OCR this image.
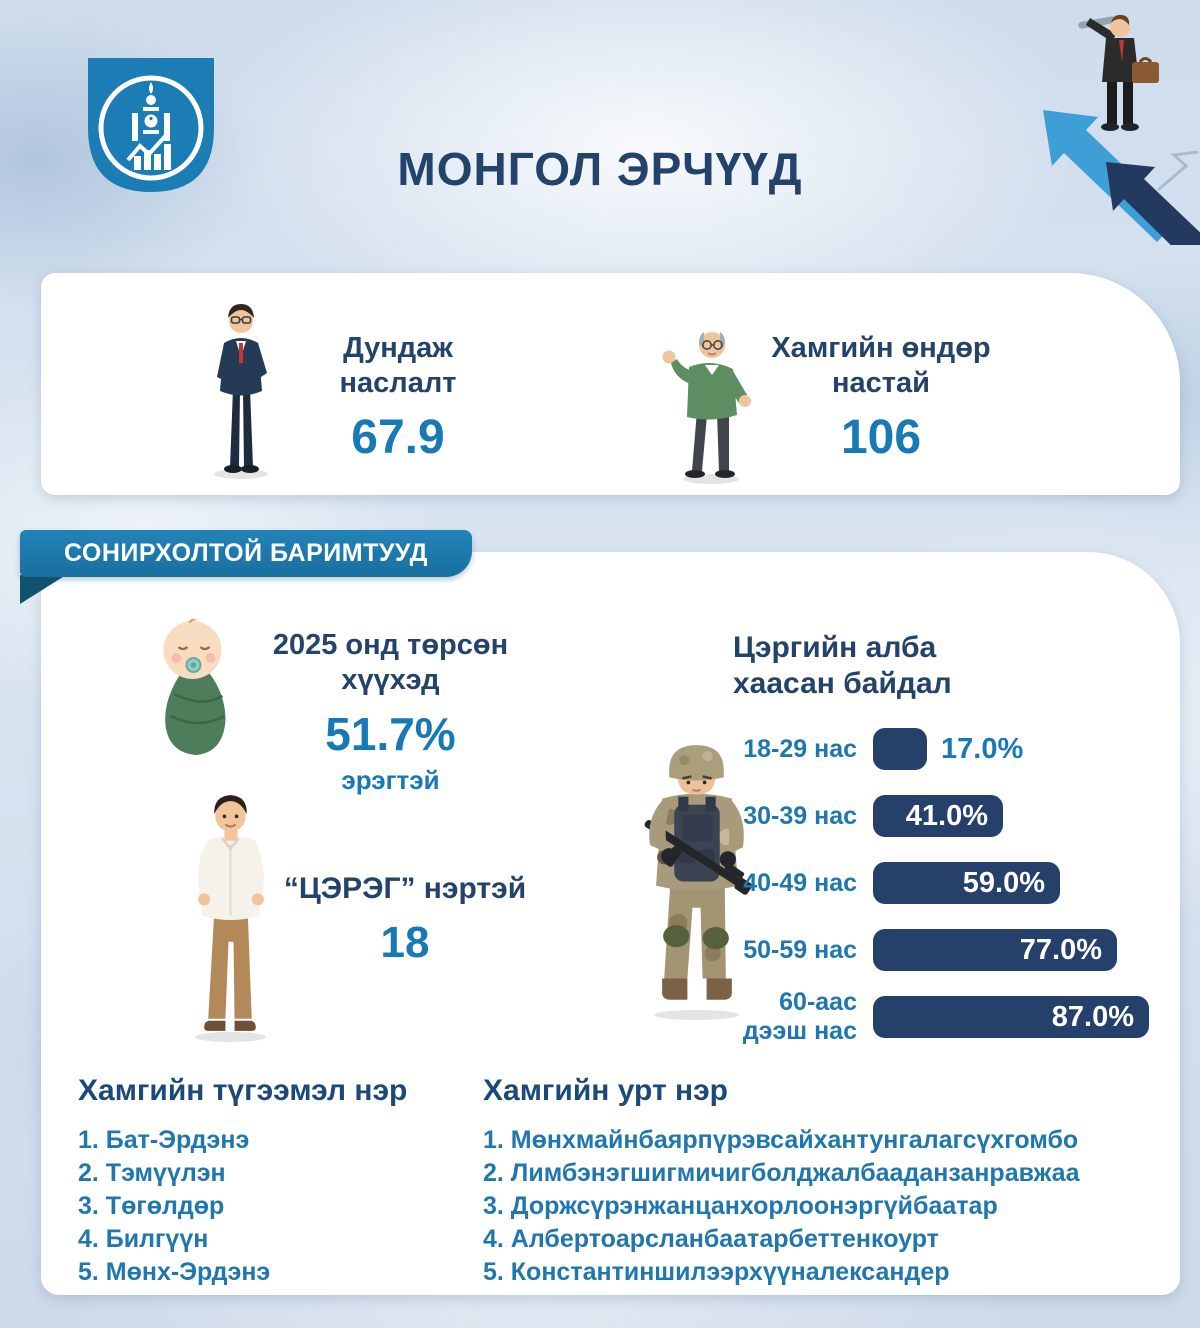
МОНГОЛ ЭРЧҮҮД
Дундаж наслалт
67.9
Хамгийн өндөр настай
106
СОНИРХОЛТОЙ БАРИМТУУД
2025 онд төрсөн хүүхэд
51.7%
эрэгтэй
Цэргийн алба хаасан байдал
“ЦЭРЭГ” нэртэй
18
18-29 нас	17.0%
30-39 нас 41.0%
40-49 нас	59.0%
50-59 нас	77.0%
60-аас дээш нас	87.0%
Хамгийн түгээмэл нэр
1. Бат-Эрдэнэ
2. Тэмүүлэн
3. Төгөлдөр
4. Билгүүн
5. Мөнх-Эрдэнэ
Хамгийн урт нэр
1. Мөнхмайнбаярпүрэвсайхантунгалагсүхгомбо
2. Лимбэнэгшигмичигболджалбааданзанравжаа
3. Доржсүрэнжанцанхорлоонэргүйбаатар
4. Албертоарсланбаатарбеттенкоурт
5. Константиншилээрхүүналександер
